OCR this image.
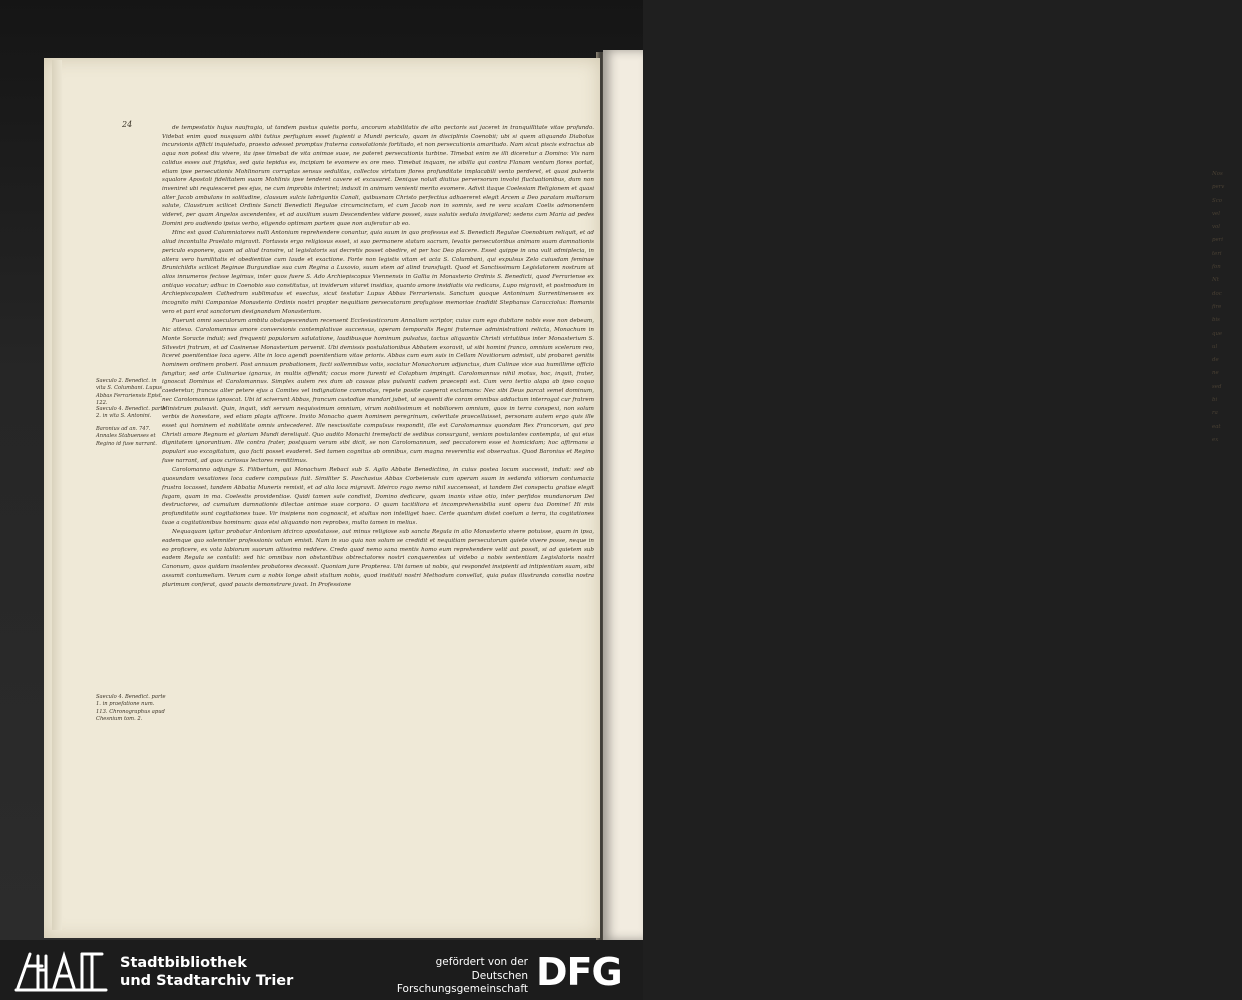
Nos
perv
Sco
vel
vol
peri
teri
fon
Nt
doc
fire
bis
que
ul
de
ne
sed
bi
ra
eat
ex
24	de tempestatis hujus naufragia, ut tandem pastus quietis portu, ancoram stabilitatis de alto pectoris sui jaceret in tranquillitate vitae profundo. Videbat enim quod nusquam alibi tutius perfugium esset fugienti a Mundi periculo, quam in disciplinis Coenobii; ubi si quem aliquando Diabolus incursionis afflicti inquietudo, praesto adesset promptus fraterna consolationis fortitudo, et non persecutionis amaritudo. Nam sicut piscis extractus ab aqua non potest diu vivere, ita ipse timebat de vita animae suae, ne pateret persecutionis turbine. Timebat enim ne illi diceretur a Domino: Vis nam calidus esses aut frigidus, sed quia tepidus es, incipiam te evomere ex ore meo. Timebat inquam, ne sibilla qui contra Flanam ventum flores portat, etiam ipse persecutionis Mohlinorum corruptas sensus sedulitas, collectos virtutum flores profunditate implacabili vento perderet, et quasi pulveris squalore Apostoli fidelitatem suam Mohlinis ipse tenderet cavere et excusaret. Denique noluit diutius perversorum involvi fluctuationibus, dum non inveniret ubi requiesceret pes ejus, ne cum improbis interiret; induxit in animum venienti merito evomere. Adivit itaque Coelesiam Religionem et quasi alter Jacob ambulans in solitudine, clausum sulcis labrigantis Canali, quibusnam Christo perfectius adhaereret elegit Arcem a Deo paratam multorum salute, Claustrum scilicet Ordinis Sancti Benedicti Regulae circumcinctum, et cum Jacob non in somnis, sed re vera scalam Coelis admonentem videret, per quam Angelos ascendentes, et ad auxilium suum Descendentes vidare posset, suas salutis sedula invigilaret; sedens cum Maria ad pedes Domini pro audiendo ipsius verbo, eligendo optimam partem quae non auferatur ab eo.

Hinc est quod Calumniatores nulli Antonium reprehendere conantur, quia suum in quo professus est S. Benedicti Regulae Coenobium reliquit, et ad aliud incontulta Praelato migravit. Fortassis ergo religiosus esset, si suo permanere statum sacrum, levatis persecutoribus animam suam damnationis periculo exponere, quam ad aliud transire, ut legislatoris sui decretis posset obedire, et per hoc Deo placere. Esset quippe in una vult admiplecia, in altera vero humilitatis et obedientiae cum laude et exactione. Forte non legistis vitam et acta S. Columbani, qui expulsus Zelo cuiusdam feminae Brunichildis scilicet Reginae Burgundiae sua cum Regina a Luxovio, suum stem ad alind transfugit. Quod et Sanctissimum Legislatorem nostrum ut alios innumeros fecisse legimus, inter quos fuere S. Ado Archiepiscopus Viennensis in Gallia in Monasterio Ordinis S. Benedicti, quod Ferrariense ex antiquo vocatur; adhuc in Coenobio suo constitutus, ut inviderum vitaret insidias, quanto amore insidiatis via redicans, Lupo migravit, et postmodum in Archiepiscopalem Cathedram sublimatus et euectus, sicut testatur Lupus Abbas Ferrariensis. Sanctum quoque Antoninum Surrentinensem ex incognito mihi Campaniae Monasterio Ordinis nostri propter nequitiam persecutorum profugisse memoriae tradidit Stephanus Caracciolus: Romanis vero et pari erat sanctorum designandum Monasterium.

Fuerunt omni saeculorum ambitu obstupescendum recensent Ecclesiasticorum Annalium scriptor, cuius cum ego dubitare nobis esse non debeam, hic attexo. Carolomannus amore conversionis contemplativae succensus, operam temporalis Regni fraternae administrationi relicta, Monachum in Monte Soracte induit; sed frequenti populorum salutatione, laudibusque hominum pulsatus, tactus aliquantis Christi virtutibus inter Monasterium S. Silvestri fratrum, et ad Casinense Monasterium pervenit. Ubi demissis postulationibus Abbatem exoravit, ut sibi homini franco, omnium scelerum reo, liceret poenitentiae loca agere. Alte in loco agendi poenitentiam vitae prioris. Abbas cum eum suis in Cellam Novitiorum admisit, ubi probaret genitis hominem ordinem proberi. Post annuum probationem, facti sollemnibus votis, sociatur Monachorum adjunctus, dum Culinae vice sua humillime officio fungitur, sed arte Culinariae ignarus, in multis offendit; cocus more furenti et Colaphum impingit. Carolomannus nihil motus, hoc, inquit, frater, ignoscat Dominus et Carolomannus. Simplex autem rex dum ab causas plus pulsanti cadem praecepti est. Cum vero tertio alapa ab ipso coquo caederetur, francus alter petere ejus a Comites vel indignatione commotus, repete posite caeperat exclamans: Nec sibi Deus parcat semel dominum, nec Carolomannus ignoscat. Ubi id sciverunt Abbas, francum custodiae mandari jubet, ut sequenti die coram omnibus adductum interrogat cur fratrem Ministrum pulsavit. Quin, inquit, vidi servum nequissimum omnium, virum nobilissimum et nobiliorem omnium, quos in terra conspexi, non solum verbis de honestare, sed etiam plagis afficere. Invito Monacho quem hominem peregrinum, celeritate praecelluisset, personam autem ergo quis ille esset qui hominem et nobilitate omnis antecederet. Ille nescissitate compulsus respondit, ille est Carolomannus quondam Rex Francorum, qui pro Christi amore Regnum et gloriam Mundi dereliquit. Quo audito Monachi tremefacti de sedibus consurgunt, veniam postulantes contempta, ut qui eius dignitatem ignorantium. Ille contra frater, postquam verum sibi dicit, se non Carolomannum, sed peccatorem esse et homicidam; hoc affirmans a populari suo excogitatum, quo facti posset evaderet. Sed tamen cognitus ab omnibus, cum magna reverentia est observatus. Quod Baronius et Regino fuse narrant, ad quos curiosus lectores remittimus.

Carolomanno adjunge S. Filibertum, qui Monachum Rebaci sub S. Agilo Abbate Benedictino, in cuius postea locum successit, induit: sed ob quosundam vexationes loca cadere compulsus fuit. Similiter S. Paschasius Abbas Corbeiensis cum operam suam in sedanda vitiorum contumacia frustra locasset, tandem Abbatia Muneris remisit, et ad alia loca migravit. Ideirco rogo nemo nihil succenseat, si tandem Dei conspectu gratiae elegit fugam, quam in ma. Coelestis providentiae. Quidi tamen sale condivit, Domino dedicare, quam inanis vitae otio, inter perfidos mundanorum Dei destructores, ad cumulum damnationis dilectae animae suae corpora. O quam tacitiliora et incomprehensibilia sunt opera tua Domine! Hi mis profunditatis sunt cogitationes tuae. Vir insipiens non cognoscit, et stultus non intelliget haec. Certe quantum distet coelum a terra, ita cogitationes tuae a cogitationibus hominum: quas etsi aliquando non reprobes, multo tamen in melius.

Nequaquam igitur probatur Antonium idcirco apostatasse, aut minus religiose sub sancta Regula in alio Monasterio vivere potuisse, quam in ipsa, eademque quo solemniter professionis votum emisit. Nam in suo quia non solum se credidit et nequitiam persecutorum quiete vivere posse, neque in eo proficere, ex vota labiorum suorum altissimo reddere. Credo quod nemo sana mentis homo eum reprehendere velit aut possit, si ad quietem sub eadem Regula se contulit: sed hic omnibus non obstantibus obtrectatores nostri conquerentes ut videbo a nobis sententiam Legislatoris nostri Canonum, quos quidam insolentes probatores decessit. Quoniam jure Propterea. Ubi tamen ut nobis, qui respondet insipienti ad intipientiam suam, sibi assumit contumeliam. Verum cum a nobis longe absit stultum nobis, quod instituti nostri Methodum convellat, quia putas illustranda consilia nostra plurimum conferat, quod paucis demonstrare juvat. In Professione

Saeculo 2. Benedict. in vita S. Columbani. Lupus Abbas Ferrariensis Epist. 122.
Saeculo 4. Benedict. parte 2. in vita S. Antonini.
Baronius ad an. 747. Annales Stabuenses et Regino id fuse narrant.
Saeculo 4. Benedict. parte 1. in praefatione num. 113. Chronographus apud Chesnium tom. 2.
Stadtbibliothek
und Stadtarchiv Trier
gefördert von der
Deutschen Forschungsgemeinschaft DFG
